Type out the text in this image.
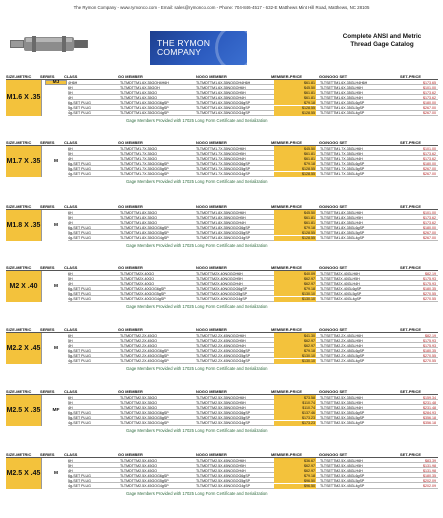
The Rymon Company - www.rymonco.com - Email: sales@rymonco.com - Phone: 704-846-4517 - 632-E Matthews Mint Hill Road, Matthews, NC 28105
THE RYMON
COMPANY
Complete ANSI and Metric
Thread Gage Catalog
SIZE-METRIC SERIES CLASS	GO MEMBER	NOGO MEMBER	MEMBER-PRICE	GO/NOGO SET	SET-PRICE
M1.6 X .35
MJ	4H6H	TLTMDTTM1.6X.35GOH4H6H	TLTMDTTM1.6X.35NOGOH4H6H	$61.81 TLTSETTM1.6X.35GLH4H6H	$173.65
6H	TLTMDTTM1.6X.35GOH	TLTMDTTM1.6X.35NOGOH6H	$45.50 TLTSETTM1.6X.35GLH6H	$101.00
5H	TLTMDTTM1.6X.35GO	TLTMDTTM1.6X.35NOGOH5H	$61.81 TLTSETTM1.6X.35GLH5H	$173.62
4H	TLTMDTTM1.6X.35GO	TLTMDTTM1.6X.35NOGOH4H	$61.81 TLTSETTM1.6X.35GLH4H	$173.62
6g-SET PLUG	TLTMDTTM1.6X.35GOG6gSP	TLTMDTTM1.6X.35NOGOG6gSP	$79.18 TLTSETTM1.6X.35GL6gSP	$180.00
5g-SET PLUG	TLTMDTTM1.6X.35GOG5gSP	TLTMDTTM1.6X.35NOGOG5gSP	$128.55 TLTSETTM1.6X.35GL5gSP	$267.00
4g-SET PLUG	TLTMDTTM1.6X.35GOG4gSP	TLTMDTTM1.6X.35NOGOG4gSP	$128.55 TLTSETTM1.6X.35GL4gSP	$267.00
Gage Members Provided with 17025 Long Form Certificate and Serialization
SIZE-METRIC SERIES CLASS	GO MEMBER	NOGO MEMBER	MEMBER-PRICE	GO/NOGO SET	SET-PRICE
M1.7 X .35	M
6H	TLTMDTTM1.7X.35GO	TLTMDTTM1.7X.35NOGOH6H	$45.50 TLTSETTM1.7X.35GLH6H	$101.00
5H	TLTMDTTM1.7X.35GO	TLTMDTTM1.7X.35NOGOH5H	$61.81 TLTSETTM1.7X.35GLH5H	$173.62
4H	TLTMDTTM1.7X.35GO	TLTMDTTM1.7X.35NOGOH4H	$61.81 TLTSETTM1.7X.35GLH4H	$173.62
6g-SET PLUG	TLTMDTTM1.7X.35GOG6gSP	TLTMDTTM1.7X.35NOGOG6gSP	$79.18 TLTSETTM1.7X.35GL6gSP	$180.00
5g-SET PLUG	TLTMDTTM1.7X.35GOG5gSP	TLTMDTTM1.7X.35NOGOG5gSP	$128.55 TLTSETTM1.7X.35GL5gSP	$267.00
4g-SET PLUG	TLTMDTTM1.7X.35GOG4gSP	TLTMDTTM1.7X.35NOGOG4gSP	$128.55 TLTSETTM1.7X.35GL4gSP	$267.00
Gage Members Provided with 17025 Long Form Certificate and Serialization
SIZE-METRIC SERIES CLASS	GO MEMBER	NOGO MEMBER	MEMBER-PRICE	GO/NOGO SET	SET-PRICE
M1.8 X .35	M
6H	TLTMDTTM1.8X.35GO	TLTMDTTM1.8X.35NOGOH6H	$45.50 TLTSETTM1.8X.35GLH6H	$101.00
5H	TLTMDTTM1.8X.35GO	TLTMDTTM1.8X.35NOGOH5H	$61.81 TLTSETTM1.8X.35GLH5H	$173.62
4H	TLTMDTTM1.8X.35GO	TLTMDTTM1.8X.35NOGOH4H	$61.81 TLTSETTM1.8X.35GLH4H	$173.62
6g-SET PLUG	TLTMDTTM1.8X.35GOG6gSP	TLTMDTTM1.8X.35NOGOG6gSP	$79.18 TLTSETTM1.8X.35GL6gSP	$180.00
5g-SET PLUG	TLTMDTTM1.8X.35GOG5gSP	TLTMDTTM1.8X.35NOGOG5gSP	$128.55 TLTSETTM1.8X.35GL5gSP	$267.00
4g-SET PLUG	TLTMDTTM1.8X.35GOG4gSP	TLTMDTTM1.8X.35NOGOG4gSP	$128.55 TLTSETTM1.8X.35GL4gSP	$267.00
Gage Members Provided with 17025 Long Form Certificate and Serialization
SIZE-METRIC SERIES CLASS	GO MEMBER	NOGO MEMBER	MEMBER-PRICE	GO/NOGO SET	SET-PRICE
M2 X .40	M
6H	TLTMDTTM2X.40GO	TLTMDTTM2X.40NOGOH6H	$40.09 TLTSETTM2X.40GLH6H	$82.19
5H	TLTMDTTM2X.40GO	TLTMDTTM2X.40NOGOH5H	$62.97 TLTSETTM2X.40GLH5H	$175.93
4H	TLTMDTTM2X.40GO	TLTMDTTM2X.40NOGOH4H	$62.97 TLTSETTM2X.40GLH4H	$175.93
6g-SET PLUG	TLTMDTTM2X.40GOG6gSP	TLTMDTTM2X.40NOGOG6gSP	$79.18 TLTSETTM2X.40GL6gSP	$180.35
5g-SET PLUG	TLTMDTTM2X.40GOG5gSP	TLTMDTTM2X.40NOGOG5gSP	$130.10 TLTSETTM2X.40GL5gSP	$270.55
4g-SET PLUG	TLTMDTTM2X.40GOG4gSP	TLTMDTTM2X.40NOGOG4gSP	$130.10 TLTSETTM2X.40GL4gSP	$270.55
Gage Members Provided with 17025 Long Form Certificate and Serialization
SIZE-METRIC SERIES CLASS	GO MEMBER	NOGO MEMBER	MEMBER-PRICE	GO/NOGO SET	SET-PRICE
M2.2 X .45	M
6H	TLTMDTTM2.2X.45GO	TLTMDTTM2.2X.45NOGOH6H	$41.30 TLTSETTM2.2X.45GLH6H	$82.19
5H	TLTMDTTM2.2X.45GO	TLTMDTTM2.2X.45NOGOH5H	$62.97 TLTSETTM2.2X.45GLH5H	$175.93
4H	TLTMDTTM2.2X.45GO	TLTMDTTM2.2X.45NOGOH4H	$62.97 TLTSETTM2.2X.45GLH4H	$175.93
6g-SET PLUG	TLTMDTTM2.2X.45GOG6gSP	TLTMDTTM2.2X.45NOGOG6gSP	$79.18 TLTSETTM2.2X.45GL6gSP	$180.35
5g-SET PLUG	TLTMDTTM2.2X.45GOG5gSP	TLTMDTTM2.2X.45NOGOG5gSP	$130.10 TLTSETTM2.2X.45GL5gSP	$270.55
4g-SET PLUG	TLTMDTTM2.2X.45GOG4gSP	TLTMDTTM2.2X.45NOGOG4gSP	$130.10 TLTSETTM2.2X.45GL4gSP	$270.55
Gage Members Provided with 17025 Long Form Certificate and Serialization
SIZE-METRIC SERIES CLASS	GO MEMBER	NOGO MEMBER	MEMBER-PRICE	GO/NOGO SET	SET-PRICE
M2.5 X .35	MF
6H	TLTMDTTM2.5X.35GO	TLTMDTTM2.5X.35NOGOH6H	$73.58 TLTSETTM2.5X.35GLH6H	$159.34
5H	TLTMDTTM2.5X.35GO	TLTMDTTM2.5X.35NOGOH5H	$110.74 TLTSETTM2.5X.35GLH5H	$231.48
4H	TLTMDTTM2.5X.35GO	TLTMDTTM2.5X.35NOGOH4H	$110.74 TLTSETTM2.5X.35GLH4H	$231.48
6g-SET PLUG	TLTMDTTM2.5X.35GOG6gSP	TLTMDTTM2.5X.35NOGOG6gSP	$137.46 TLTSETTM2.5X.35GL6gSP	$284.93
5g-SET PLUG	TLTMDTTM2.5X.35GOG5gSP	TLTMDTTM2.5X.35NOGOG5gSP	$173.23 TLTSETTM2.5X.35GL5gSP	$356.18
4g-SET PLUG	TLTMDTTM2.5X.35GOG4gSP	TLTMDTTM2.5X.35NOGOG4gSP	$173.23 TLTSETTM2.5X.35GL4gSP	$356.18
Gage Members Provided with 17025 Long Form Certificate and Serialization
SIZE-METRIC SERIES CLASS	GO MEMBER	NOGO MEMBER	MEMBER-PRICE	GO/NOGO SET	SET-PRICE
M2.5 X .45	M
6H	TLTMDTTM2.5X.45GO	TLTMDTTM2.5X.45NOGOH6H	$36.67 TLTSETTM2.5X.45GLH6H	$83.39
5H	TLTMDTTM2.5X.45GO	TLTMDTTM2.5X.45NOGOH5H	$62.97 TLTSETTM2.5X.45GLH5H	$131.98
4H	TLTMDTTM2.5X.45GO	TLTMDTTM2.5X.45NOGOH4H	$62.97 TLTSETTM2.5X.45GLH4H	$131.98
6g-SET PLUG	TLTMDTTM2.5X.45GOG6gSP	TLTMDTTM2.5X.45NOGOG6gSP	$79.18 TLTSETTM2.5X.45GL6gSP	$180.35
5g-SET PLUG	TLTMDTTM2.5X.45GOG5gSP	TLTMDTTM2.5X.45NOGOG5gSP	$96.50 TLTSETTM2.5X.45GL5gSP	$202.09
4g-SET PLUG	TLTMDTTM2.5X.45GOG4gSP	TLTMDTTM2.5X.45NOGOG4gSP	$96.50 TLTSETTM2.5X.45GL4gSP	$202.09
Gage Members Provided with 17025 Long Form Certificate and Serialization
